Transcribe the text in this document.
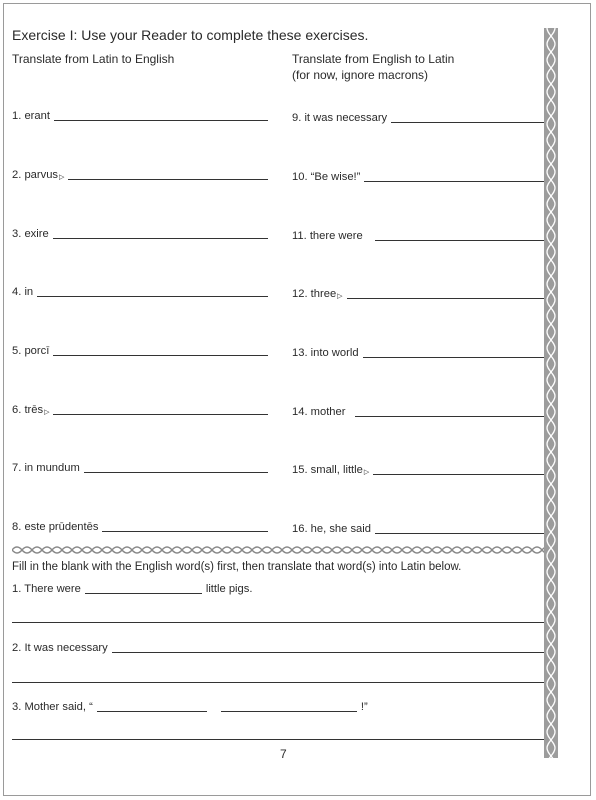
Exercise I: Use your Reader to complete these exercises.
Translate from Latin to English	Translate from English to Latin
(for now, ignore macrons)
1. erant
2. parvus ▷
3. exire
4. in
5. porcī
6. trēs ▷
7. in mundum
8. este prūdentēs
9. it was necessary
10. “Be wise!”
11. there were
12. three ▷
13. into world
14. mother
15. small, little ▷
16. he, she said
Fill in the blank with the English word(s) first, then translate that word(s) into Latin below.
1. There were	little pigs.
2. It was necessary
3. Mother said, “	!”
7
